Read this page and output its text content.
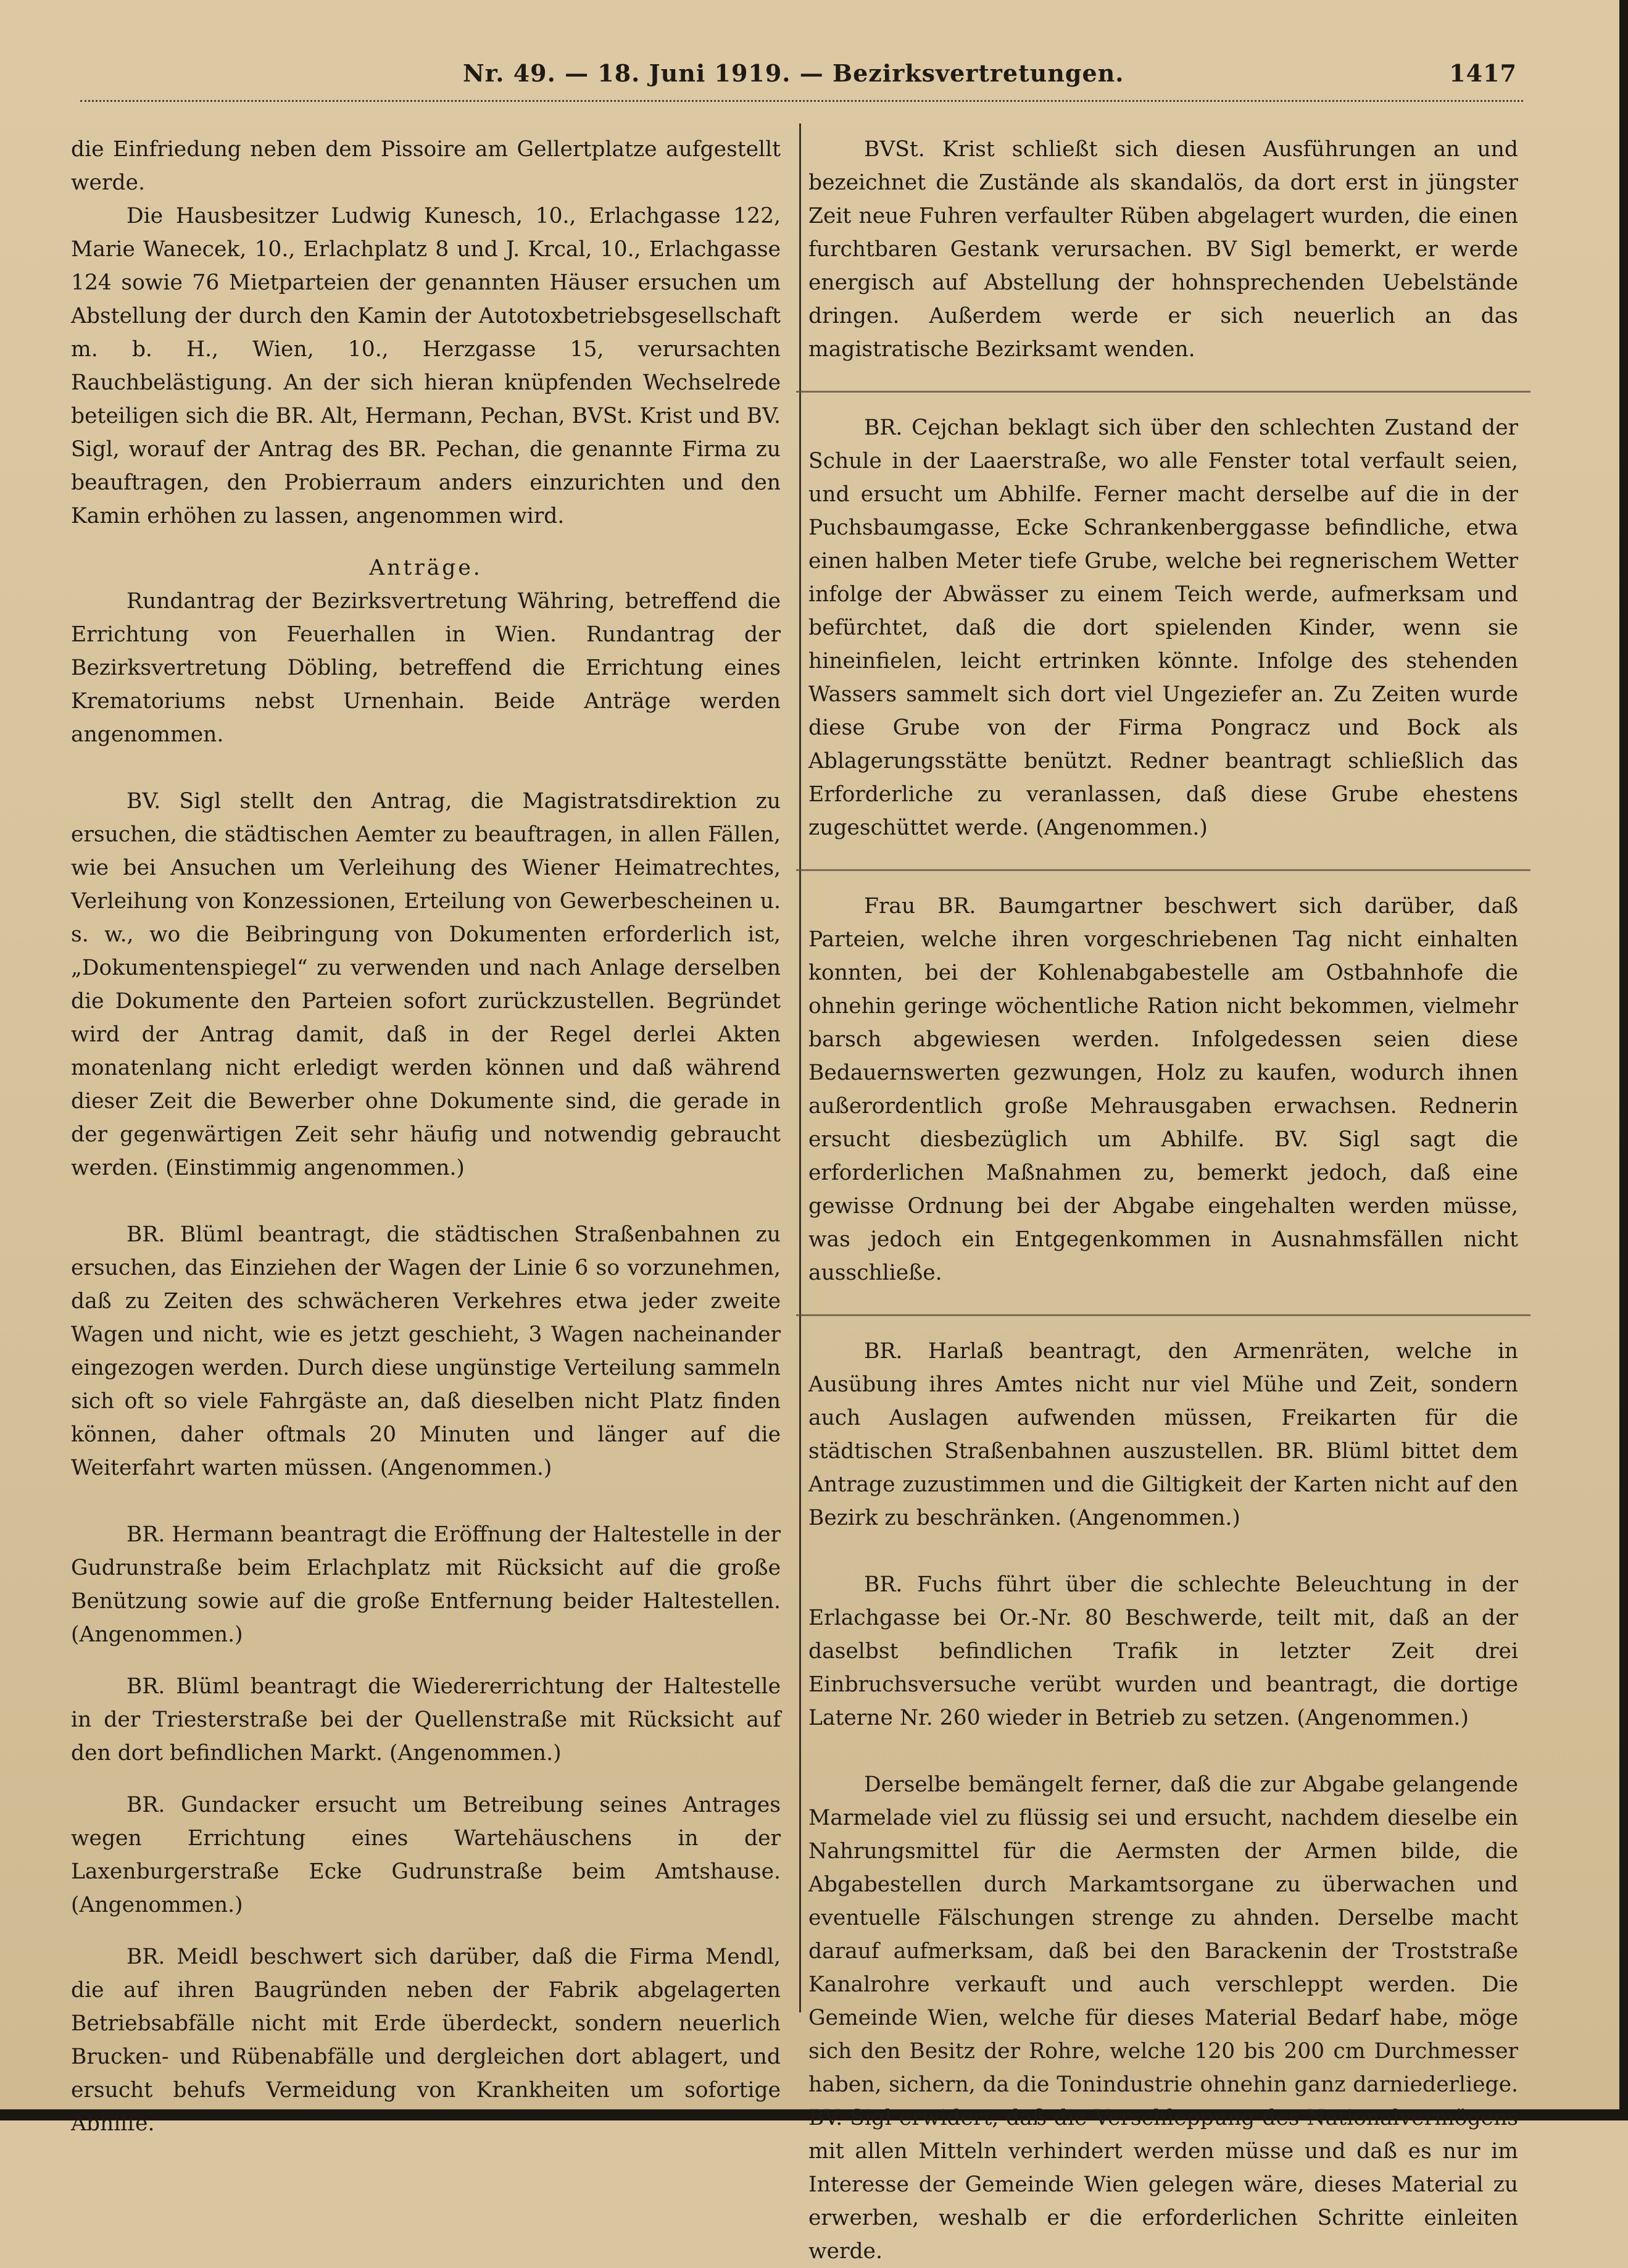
Nr. 49. — 18. Juni 1919. — Bezirksvertretungen.	1417

die Einfriedung neben dem Pissoire am Gellertplatze aufgestellt werde.

Die Hausbesitzer Ludwig Kunesch, 10., Erlachgasse 122, Marie Wanecek, 10., Erlachplatz 8 und J. Krcal, 10., Erlachgasse 124 sowie 76 Mietparteien der genannten Häuser ersuchen um Abstellung der durch den Kamin der Autotoxbetriebsgesellschaft m. b. H., Wien, 10., Herzgasse 15, verursachten Rauchbelästigung. An der sich hieran knüpfenden Wechselrede beteiligen sich die BR. Alt, Hermann, Pechan, BVSt. Krist und BV. Sigl, worauf der Antrag des BR. Pechan, die genannte Firma zu beauftragen, den Probierraum anders einzurichten und den Kamin erhöhen zu lassen, angenommen wird.

Anträge.

Rundantrag der Bezirksvertretung Währing, betreffend die Errichtung von Feuerhallen in Wien. Rundantrag der Bezirksvertretung Döbling, betreffend die Errichtung eines Krematoriums nebst Urnenhain. Beide Anträge werden angenommen.

BV. Sigl stellt den Antrag, die Magistratsdirektion zu ersuchen, die städtischen Aemter zu beauftragen, in allen Fällen, wie bei Ansuchen um Verleihung des Wiener Heimatrechtes, Verleihung von Konzessionen, Erteilung von Gewerbescheinen u. s. w., wo die Beibringung von Dokumenten erforderlich ist, „Dokumentenspiegel“ zu verwenden und nach Anlage derselben die Dokumente den Parteien sofort zurückzustellen. Begründet wird der Antrag damit, daß in der Regel derlei Akten monatenlang nicht erledigt werden können und daß während dieser Zeit die Bewerber ohne Dokumente sind, die gerade in der gegenwärtigen Zeit sehr häufig und notwendig gebraucht werden. (Einstimmig angenommen.)

BR. Blüml beantragt, die städtischen Straßenbahnen zu ersuchen, das Einziehen der Wagen der Linie 6 so vorzunehmen, daß zu Zeiten des schwächeren Verkehres etwa jeder zweite Wagen und nicht, wie es jetzt geschieht, 3 Wagen nacheinander eingezogen werden. Durch diese ungünstige Verteilung sammeln sich oft so viele Fahrgäste an, daß dieselben nicht Platz finden können, daher oftmals 20 Minuten und länger auf die Weiterfahrt warten müssen. (Angenommen.)

BR. Hermann beantragt die Eröffnung der Haltestelle in der Gudrunstraße beim Erlachplatz mit Rücksicht auf die große Benützung sowie auf die große Entfernung beider Haltestellen. (Angenommen.)

BR. Blüml beantragt die Wiedererrichtung der Haltestelle in der Triesterstraße bei der Quellenstraße mit Rücksicht auf den dort befindlichen Markt. (Angenommen.)

BR. Gundacker ersucht um Betreibung seines Antrages wegen Errichtung eines Wartehäuschens in der Laxenburgerstraße Ecke Gudrunstraße beim Amtshause. (Angenommen.)

BR. Meidl beschwert sich darüber, daß die Firma Mendl, die auf ihren Baugründen neben der Fabrik abgelagerten Betriebsabfälle nicht mit Erde überdeckt, sondern neuerlich Brucken- und Rübenabfälle und dergleichen dort ablagert, und ersucht behufs Vermeidung von Krankheiten um sofortige Abhilfe.

BVSt. Krist schließt sich diesen Ausführungen an und bezeichnet die Zustände als skandalös, da dort erst in jüngster Zeit neue Fuhren verfaulter Rüben abgelagert wurden, die einen furchtbaren Gestank verursachen. BV Sigl bemerkt, er werde energisch auf Abstellung der hohnsprechenden Uebelstände dringen. Außerdem werde er sich neuerlich an das magistratische Bezirksamt wenden.

BR. Cejchan beklagt sich über den schlechten Zustand der Schule in der Laaerstraße, wo alle Fenster total verfault seien, und ersucht um Abhilfe. Ferner macht derselbe auf die in der Puchsbaumgasse, Ecke Schrankenberggasse befindliche, etwa einen halben Meter tiefe Grube, welche bei regnerischem Wetter infolge der Abwässer zu einem Teich werde, aufmerksam und befürchtet, daß die dort spielenden Kinder, wenn sie hineinfielen, leicht ertrinken könnte. Infolge des stehenden Wassers sammelt sich dort viel Ungeziefer an. Zu Zeiten wurde diese Grube von der Firma Pongracz und Bock als Ablagerungsstätte benützt. Redner beantragt schließlich das Erforderliche zu veranlassen, daß diese Grube ehestens zugeschüttet werde. (Angenommen.)

Frau BR. Baumgartner beschwert sich darüber, daß Parteien, welche ihren vorgeschriebenen Tag nicht einhalten konnten, bei der Kohlenabgabestelle am Ostbahnhofe die ohnehin geringe wöchentliche Ration nicht bekommen, vielmehr barsch abgewiesen werden. Infolgedessen seien diese Bedauernswerten gezwungen, Holz zu kaufen, wodurch ihnen außerordentlich große Mehrausgaben erwachsen. Rednerin ersucht diesbezüglich um Abhilfe. BV. Sigl sagt die erforderlichen Maßnahmen zu, bemerkt jedoch, daß eine gewisse Ordnung bei der Abgabe eingehalten werden müsse, was jedoch ein Entgegenkommen in Ausnahmsfällen nicht ausschließe.

BR. Harlaß beantragt, den Armenräten, welche in Ausübung ihres Amtes nicht nur viel Mühe und Zeit, sondern auch Auslagen aufwenden müssen, Freikarten für die städtischen Straßenbahnen auszustellen. BR. Blüml bittet dem Antrage zuzustimmen und die Giltigkeit der Karten nicht auf den Bezirk zu beschränken. (Angenommen.)

BR. Fuchs führt über die schlechte Beleuchtung in der Erlachgasse bei Or.-Nr. 80 Beschwerde, teilt mit, daß an der daselbst befindlichen Trafik in letzter Zeit drei Einbruchsversuche verübt wurden und beantragt, die dortige Laterne Nr. 260 wieder in Betrieb zu setzen. (Angenommen.)

Derselbe bemängelt ferner, daß die zur Abgabe gelangende Marmelade viel zu flüssig sei und ersucht, nachdem dieselbe ein Nahrungsmittel für die Aermsten der Armen bilde, die Abgabestellen durch Markamtsorgane zu überwachen und eventuelle Fälschungen strenge zu ahnden. Derselbe macht darauf aufmerksam, daß bei den Barackenin der Troststraße Kanalrohre verkauft und auch verschleppt werden. Die Gemeinde Wien, welche für dieses Material Bedarf habe, möge sich den Besitz der Rohre, welche 120 bis 200 cm Durchmesser haben, sichern, da die Tonindustrie ohnehin ganz darniederliege. BV. Sigl erwidert, daß die Verschleppung des Nationalvermögens mit allen Mitteln verhindert werden müsse und daß es nur im Interesse der Gemeinde Wien gelegen wäre, dieses Material zu erwerben, weshalb er die erforderlichen Schritte einleiten werde.
